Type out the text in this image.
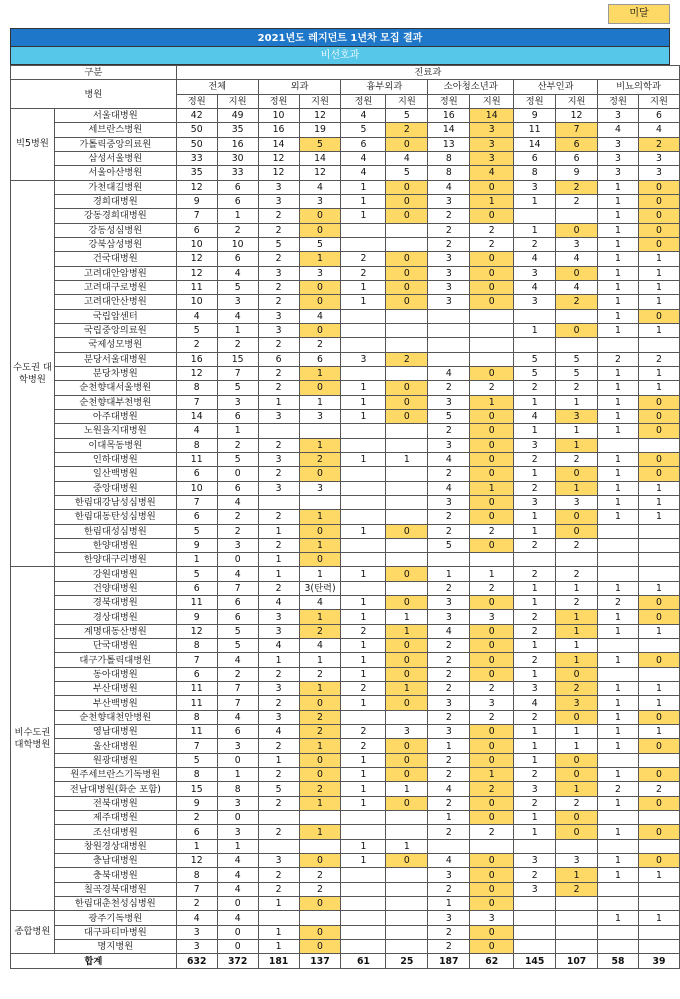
미달
2021년도 레지던트 1년차 모집 결과
비선호과
구분		진료과											
병원		전체		외과		흉부외과		소아청소년과		산부인과		비뇨의학과	
		정원	지원	정원	지원	정원	지원	정원	지원	정원	지원	정원	지원
빅5병원	서울대병원	42	49	10	12	4	5	16	14	9	12	3	6
	세브란스병원	50	35	16	19	5	2	14	3	11	7	4	4
	가톨릭중앙의료원	50	16	14	5	6	0	13	3	14	6	3	2
	삼성서울병원	33	30	12	14	4	4	8	3	6	6	3	3
	서울아산병원	35	33	12	12	4	5	8	4	8	9	3	3
수도권 대학병원	가천대길병원	12	6	3	4	1	0	4	0	3	2	1	0
	경희대병원	9	6	3	3	1	0	3	1	1	2	1	0
	강동경희대병원	7	1	2	0	1	0	2	0			1	0
	강동성심병원	6	2	2	0			2	2	1	0	1	0
	강북삼성병원	10	10	5	5			2	2	2	3	1	0
	건국대병원	12	6	2	1	2	0	3	0	4	4	1	1
	고려대안암병원	12	4	3	3	2	0	3	0	3	0	1	1
	고려대구로병원	11	5	2	0	1	0	3	0	4	4	1	1
	고려대안산병원	10	3	2	0	1	0	3	0	3	2	1	1
	국립암센터	4	4	3	4							1	0
	국립중앙의료원	5	1	3	0					1	0	1	1
	국제성모병원	2	2	2	2								
	분당서울대병원	16	15	6	6	3	2			5	5	2	2
	분당차병원	12	7	2	1			4	0	5	5	1	1
	순천향대서울병원	8	5	2	0	1	0	2	2	2	2	1	1
	순천향대부천병원	7	3	1	1	1	0	3	1	1	1	1	0
	아주대병원	14	6	3	3	1	0	5	0	4	3	1	0
	노원을지대병원	4	1					2	0	1	1	1	0
	이대목동병원	8	2	2	1			3	0	3	1		
	인하대병원	11	5	3	2	1	1	4	0	2	2	1	0
	일산백병원	6	0	2	0			2	0	1	0	1	0
	중앙대병원	10	6	3	3			4	1	2	1	1	1
	한림대강남성심병원	7	4					3	0	3	3	1	1
	한림대동탄성심병원	6	2	2	1			2	0	1	0	1	1
	한림대성심병원	5	2	1	0	1	0	2	2	1	0		
	한양대병원	9	3	2	1			5	0	2	2		
	한양대구리병원	1	0	1	0								
비수도권 대학병원	강원대병원	5	4	1	1	1	0	1	1	2	2		
	건양대병원	6	7	2	3(탄력)			2	2	1	1	1	1
	경북대병원	11	6	4	4	1	0	3	0	1	2	2	0
	경상대병원	9	6	3	1	1	1	3	3	2	1	1	0
	계명대동산병원	12	5	3	2	2	1	4	0	2	1	1	1
	단국대병원	8	5	4	4	1	0	2	0	1	1		
	대구가톨릭대병원	7	4	1	1	1	0	2	0	2	1	1	0
	동아대병원	6	2	2	2	1	0	2	0	1	0		
	부산대병원	11	7	3	1	2	1	2	2	3	2	1	1
	부산백병원	11	7	2	0	1	0	3	3	4	3	1	1
	순천향대천안병원	8	4	3	2			2	2	2	0	1	0
	영남대병원	11	6	4	2	2	3	3	0	1	1	1	1
	울산대병원	7	3	2	1	2	0	1	0	1	1	1	0
	원광대병원	5	0	1	0	1	0	2	0	1	0		
	원주세브란스기독병원	8	1	2	0	1	0	2	1	2	0	1	0
	전남대병원(화순 포함)	15	8	5	2	1	1	4	2	3	1	2	2
	전북대병원	9	3	2	1	1	0	2	0	2	2	1	0
	제주대병원	2	0					1	0	1	0		
	조선대병원	6	3	2	1			2	2	1	0	1	0
	창원경상대병원	1	1			1	1						
	충남대병원	12	4	3	0	1	0	4	0	3	3	1	0
	충북대병원	8	4	2	2			3	0	2	1	1	1
	칠곡경북대병원	7	4	2	2			2	0	3	2		
	한림대춘천성심병원	2	0	1	0			1	0				
종합병원	광주기독병원	4	4					3	3			1	1
	대구파티마병원	3	0	1	0			2	0				
	명지병원	3	0	1	0			2	0				
합계		632	372	181	137	61	25	187	62	145	107	58	39
